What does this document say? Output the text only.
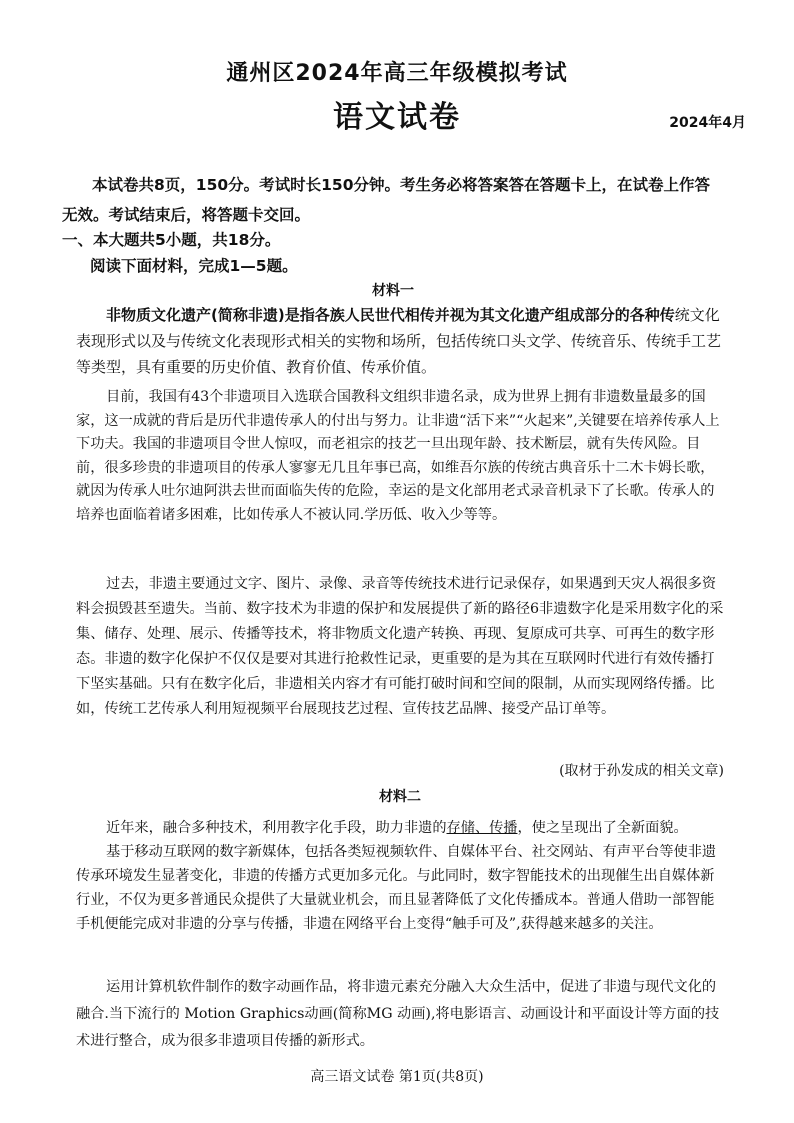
通州区2024年高三年级模拟考试
语文试卷	2024年4月
本试卷共8页，150分。考试时长150分钟。考生务必将答案答在答题卡上，在试卷上作答无效。考试结束后，将答题卡交回。
一、本大题共5小题，共18分。
阅读下面材料，完成1—5题。
材料一

非物质文化遗产(简称非遗)是指各族人民世代相传并视为其文化遗产组成部分的各种传统文化表现形式以及与传统文化表现形式相关的实物和场所，包括传统口头文学、传统音乐、传统手工艺等类型，具有重要的历史价值、教育价值、传承价值。

目前，我国有43个非遗项目入选联合国教科文组织非遗名录，成为世界上拥有非遗数量最多的国家，这一成就的背后是历代非遗传承人的付出与努力。让非遗“活下来”“火起来”,关键要在培养传承人上下功夫。我国的非遗项目令世人惊叹，而老祖宗的技艺一旦出现年龄、技术断层，就有失传风险。目前，很多珍贵的非遗项目的传承人寥寥无几且年事已高，如维吾尔族的传统古典音乐十二木卡姆长歌，就因为传承人吐尔迪阿洪去世而面临失传的危险，幸运的是文化部用老式录音机录下了长歌。传承人的培养也面临着诸多困难，比如传承人不被认同.学历低、收入少等等。
过去，非遗主要通过文字、图片、录像、录音等传统技术进行记录保存，如果遇到天灾人祸很多资料会损毁甚至遗失。当前、数字技术为非遗的保护和发展提供了新的路径6非遗数字化是采用数字化的采集、储存、处理、展示、传播等技术，将非物质文化遗产转换、再现、复原成可共享、可再生的数字形态。非遗的数字化保护不仅仅是要对其进行抢救性记录，更重要的是为其在互联网时代进行有效传播打下坚实基础。只有在数字化后，非遗相关内容才有可能打破时间和空间的限制，从而实现网络传播。比如，传统工艺传承人利用短视频平台展现技艺过程、宣传技艺品牌、接受产品订单等。
(取材于孙发成的相关文章)
材料二
近年来，融合多种技术，利用教字化手段，助力非遗的存储、传播，使之呈现出了全新面貌。
基于移动互联网的数字新媒体，包括各类短视频软件、自媒体平台、社交网站、有声平台等使非遗传承环境发生显著变化，非遗的传播方式更加多元化。与此同时，数字智能技术的出现催生出自媒体新行业，不仅为更多普通民众提供了大量就业机会，而且显著降低了文化传播成本。普通人借助一部智能手机便能完成对非遗的分享与传播，非遗在网络平台上变得“触手可及”,获得越来越多的关注。
运用计算机软件制作的数字动画作品，将非遗元素充分融入大众生活中，促进了非遗与现代文化的融合.当下流行的 Motion Graphics动画(简称MG 动画),将电影语言、动画设计和平面设计等方面的技术进行整合，成为很多非遗项目传播的新形式。
高三语文试卷 第1页(共8页)
